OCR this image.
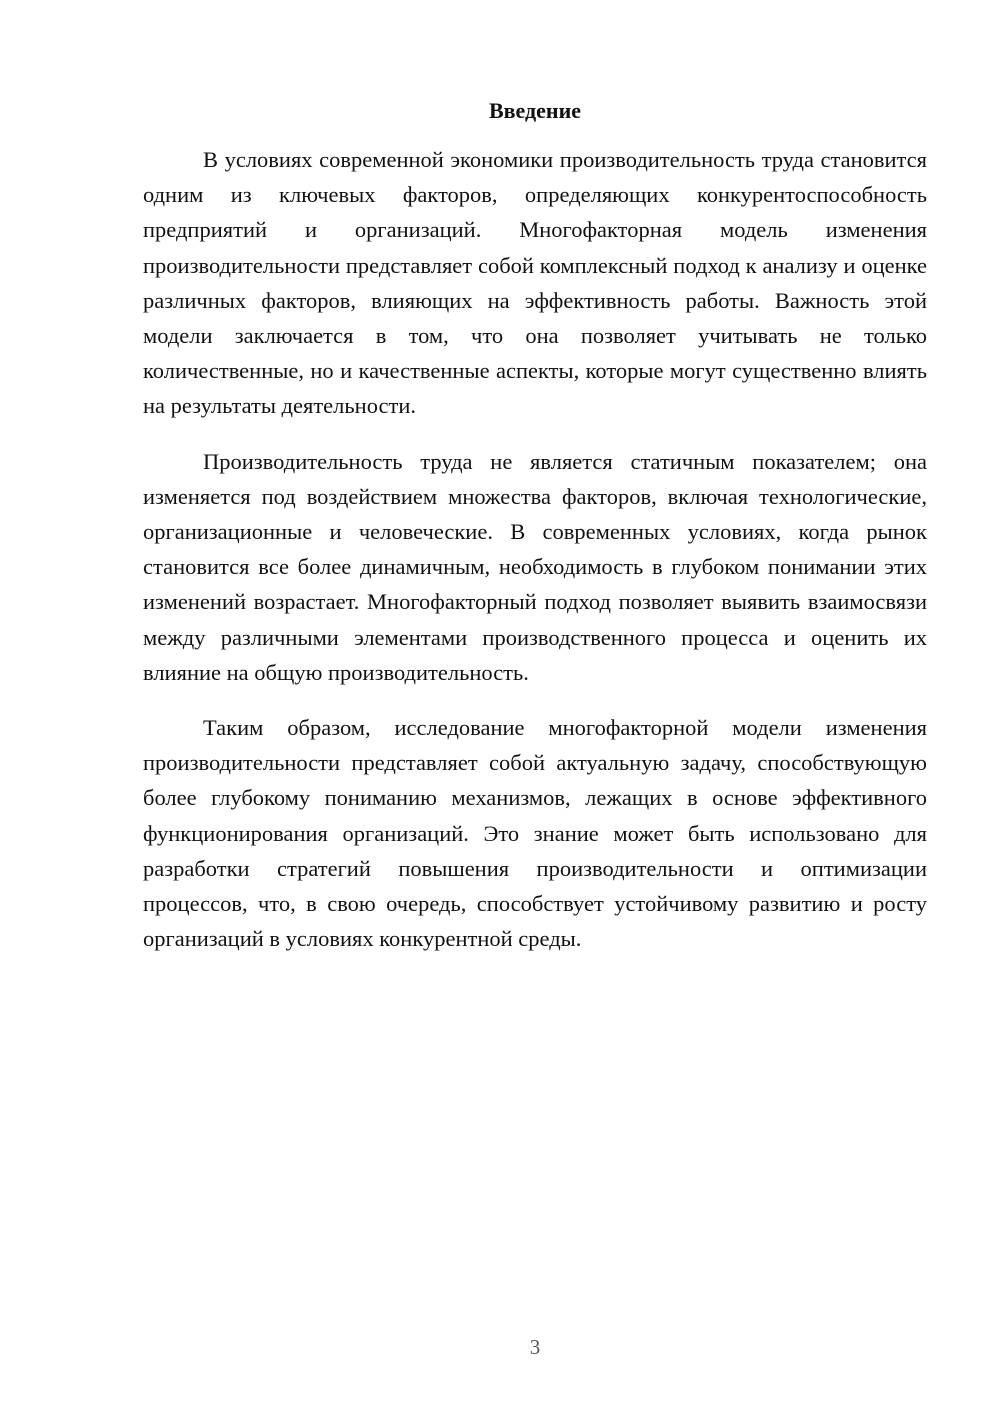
Введение

В условиях современной экономики производительность труда становится одним из ключевых факторов, определяющих конкурентоспособность предприятий и организаций. Многофакторная модель изменения производительности представляет собой комплексный подход к анализу и оценке различных факторов, влияющих на эффективность работы. Важность этой модели заключается в том, что она позволяет учитывать не только количественные, но и качественные аспекты, которые могут существенно влиять на результаты деятельности.

Производительность труда не является статичным показателем; она изменяется под воздействием множества факторов, включая технологические, организационные и человеческие. В современных условиях, когда рынок становится все более динамичным, необходимость в глубоком понимании этих изменений возрастает. Многофакторный подход позволяет выявить взаимосвязи между различными элементами производственного процесса и оценить их влияние на общую производительность.

Таким образом, исследование многофакторной модели изменения производительности представляет собой актуальную задачу, способствующую более глубокому пониманию механизмов, лежащих в основе эффективного функционирования организаций. Это знание может быть использовано для разработки стратегий повышения производительности и оптимизации процессов, что, в свою очередь, способствует устойчивому развитию и росту организаций в условиях конкурентной среды.

3
